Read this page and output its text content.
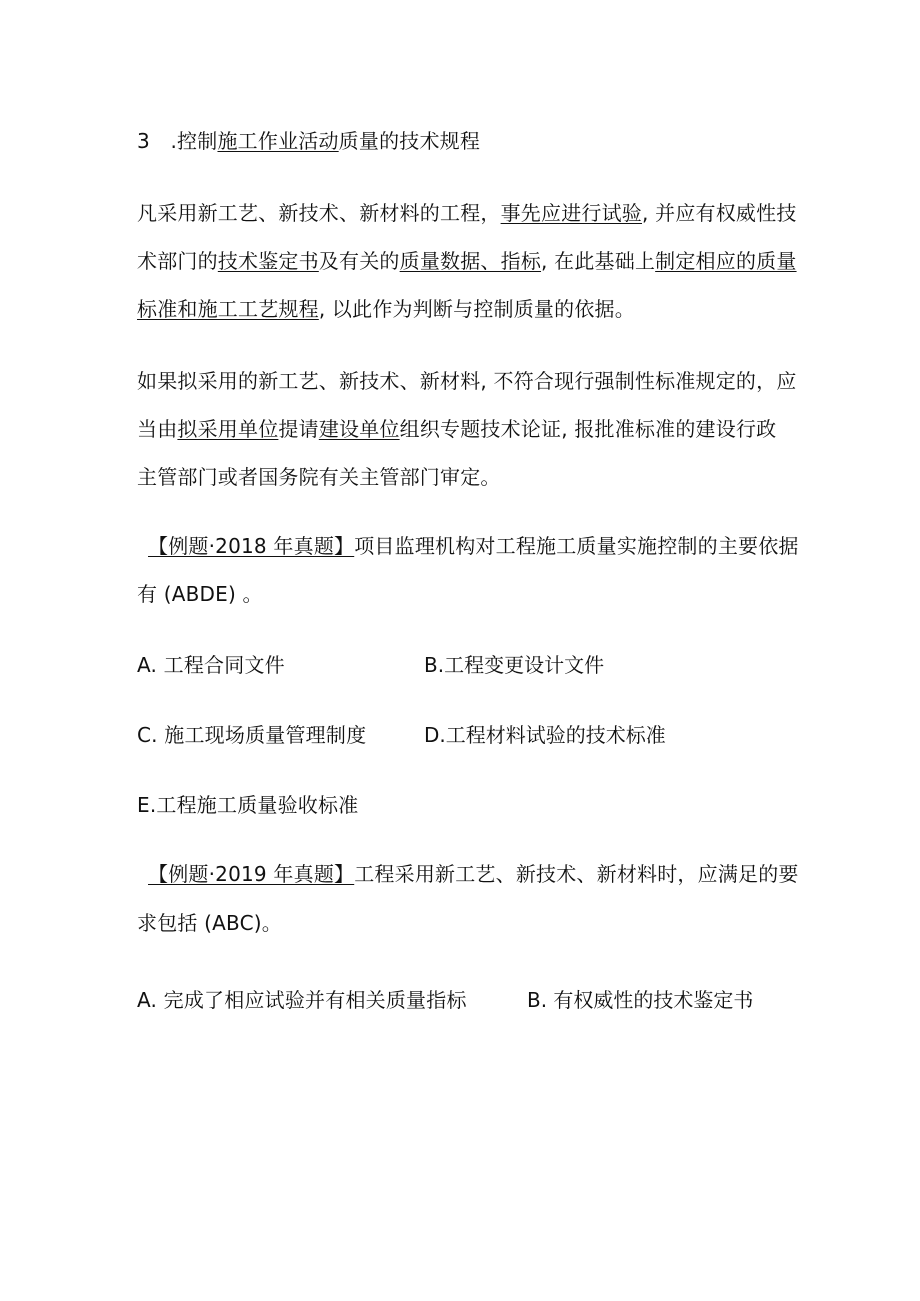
3 .控制施工作业活动质量的技术规程
凡采用新工艺、新技术、新材料的工程，事先应进行试验, 并应有权威性技
术部门的技术鉴定书及有关的质量数据、指标, 在此基础上制定相应的质量
标准和施工工艺规程, 以此作为判断与控制质量的依据。
如果拟采用的新工艺、新技术、新材料, 不符合现行强制性标准规定的，应
当由拟采用单位提请建设单位组织专题技术论证, 报批准标准的建设行政
主管部门或者国务院有关主管部门审定。
【例题·2018 年真题】项目监理机构对工程施工质量实施控制的主要依据
有 (ABDE) 。
A. 工程合同文件	B.工程变更设计文件
C. 施工现场质量管理制度	D.工程材料试验的技术标准
E.工程施工质量验收标准
【例题·2019 年真题】工程采用新工艺、新技术、新材料时，应满足的要
求包括 (ABC)。
A. 完成了相应试验并有相关质量指标	B. 有权威性的技术鉴定书
